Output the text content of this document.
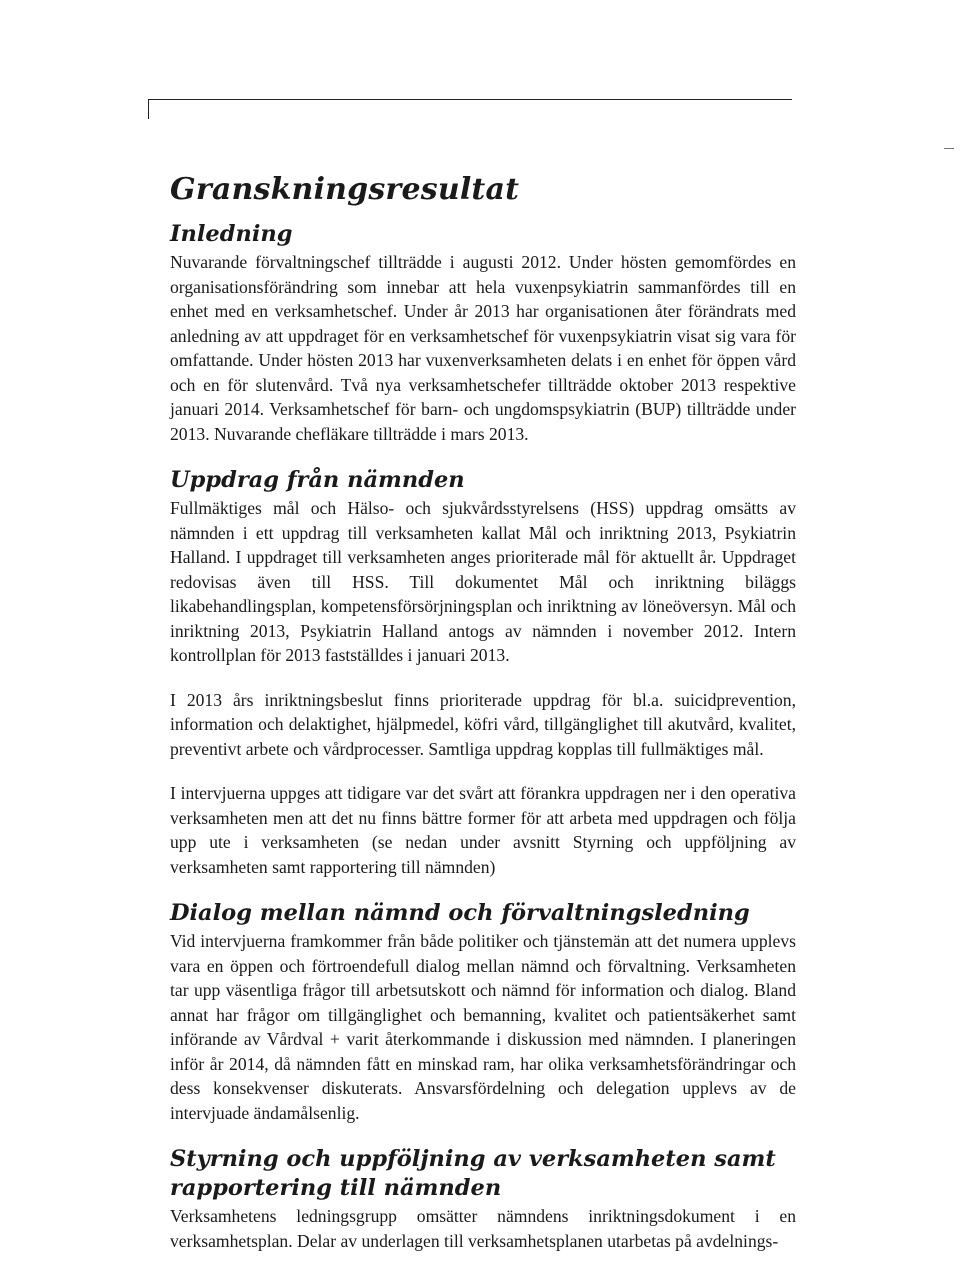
Granskningsresultat
Inledning

Nuvarande förvaltningschef tillträdde i augusti 2012. Under hösten gemomfördes en organisationsförändring som innebar att hela vuxenpsykiatrin sammanfördes till en enhet med en verksamhetschef. Under år 2013 har organisationen åter förändrats med anledning av att uppdraget för en verksamhetschef för vuxenpsykiatrin visat sig vara för omfattande. Under hösten 2013 har vuxenverksamheten delats i en enhet för öppen vård och en för slutenvård. Två nya verksamhetschefer tillträdde oktober 2013 respektive januari 2014. Verksamhetschef för barn- och ungdomspsykiatrin (BUP) tillträdde under 2013. Nuvarande chefläkare tillträdde i mars 2013.

Uppdrag från nämnden

Fullmäktiges mål och Hälso- och sjukvårdsstyrelsens (HSS) uppdrag omsätts av nämnden i ett uppdrag till verksamheten kallat Mål och inriktning 2013, Psykiatrin Halland. I uppdraget till verksamheten anges prioriterade mål för aktuellt år. Uppdraget redovisas även till HSS. Till dokumentet Mål och inriktning biläggs likabehandlingsplan, kompetensförsörjningsplan och inriktning av löneöversyn. Mål och inriktning 2013, Psykiatrin Halland antogs av nämnden i november 2012. Intern kontrollplan för 2013 fastställdes i januari 2013.

I 2013 års inriktningsbeslut finns prioriterade uppdrag för bl.a. suicidprevention, information och delaktighet, hjälpmedel, köfri vård, tillgänglighet till akutvård, kvalitet, preventivt arbete och vårdprocesser. Samtliga uppdrag kopplas till fullmäktiges mål.

I intervjuerna uppges att tidigare var det svårt att förankra uppdragen ner i den operativa verksamheten men att det nu finns bättre former för att arbeta med uppdragen och följa upp ute i verksamheten (se nedan under avsnitt Styrning och uppföljning av verksamheten samt rapportering till nämnden)

Dialog mellan nämnd och förvaltningsledning

Vid intervjuerna framkommer från både politiker och tjänstemän att det numera upplevs vara en öppen och förtroendefull dialog mellan nämnd och förvaltning. Verksamheten tar upp väsentliga frågor till arbetsutskott och nämnd för information och dialog. Bland annat har frågor om tillgänglighet och bemanning, kvalitet och patientsäkerhet samt införande av Vårdval + varit återkommande i diskussion med nämnden. I planeringen inför år 2014, då nämnden fått en minskad ram, har olika verksamhetsförändringar och dess konsekvenser diskuterats. Ansvarsfördelning och delegation upplevs av de intervjuade ändamålsenlig.

Styrning och uppföljning av verksamheten samt rapportering till nämnden

Verksamhetens ledningsgrupp omsätter nämndens inriktningsdokument i en verksamhetsplan. Delar av underlagen till verksamhetsplanen utarbetas på avdelnings-
